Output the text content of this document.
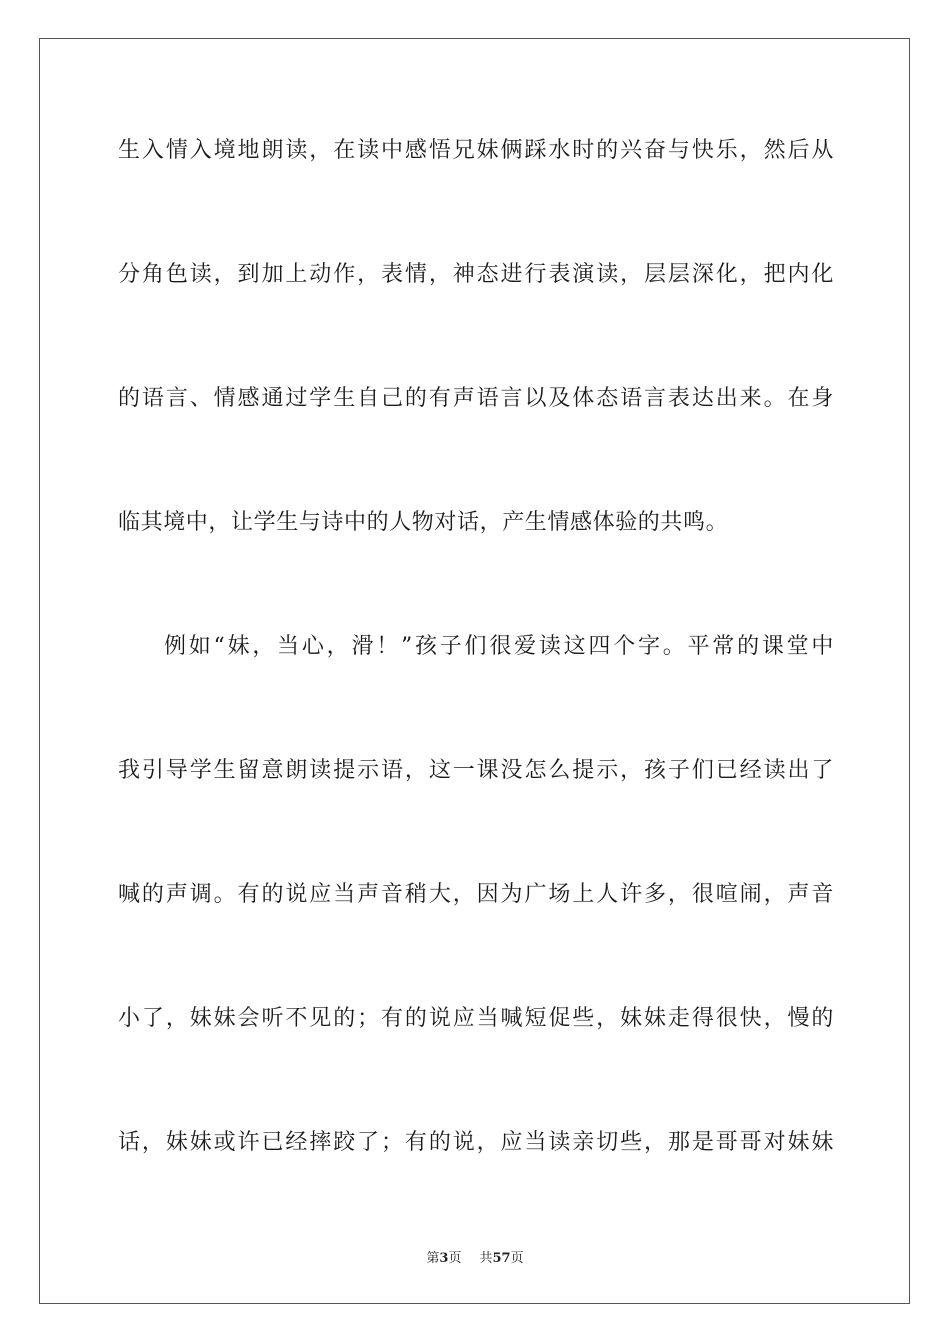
生入情入境地朗读，在读中感悟兄妹俩踩水时的兴奋与快乐，然后从
分角色读，到加上动作，表情，神态进行表演读，层层深化，把内化
的语言、情感通过学生自己的有声语言以及体态语言表达出来。在身
临其境中，让学生与诗中的人物对话，产生情感体验的共鸣。
例如“妹，当心，滑！”孩子们很爱读这四个字。平常的课堂中
我引导学生留意朗读提示语，这一课没怎么提示，孩子们已经读出了
喊的声调。有的说应当声音稍大，因为广场上人许多，很喧闹，声音
小了，妹妹会听不见的；有的说应当喊短促些，妹妹走得很快，慢的
话，妹妹或许已经摔跤了；有的说，应当读亲切些，那是哥哥对妹妹
第3页 共57页
